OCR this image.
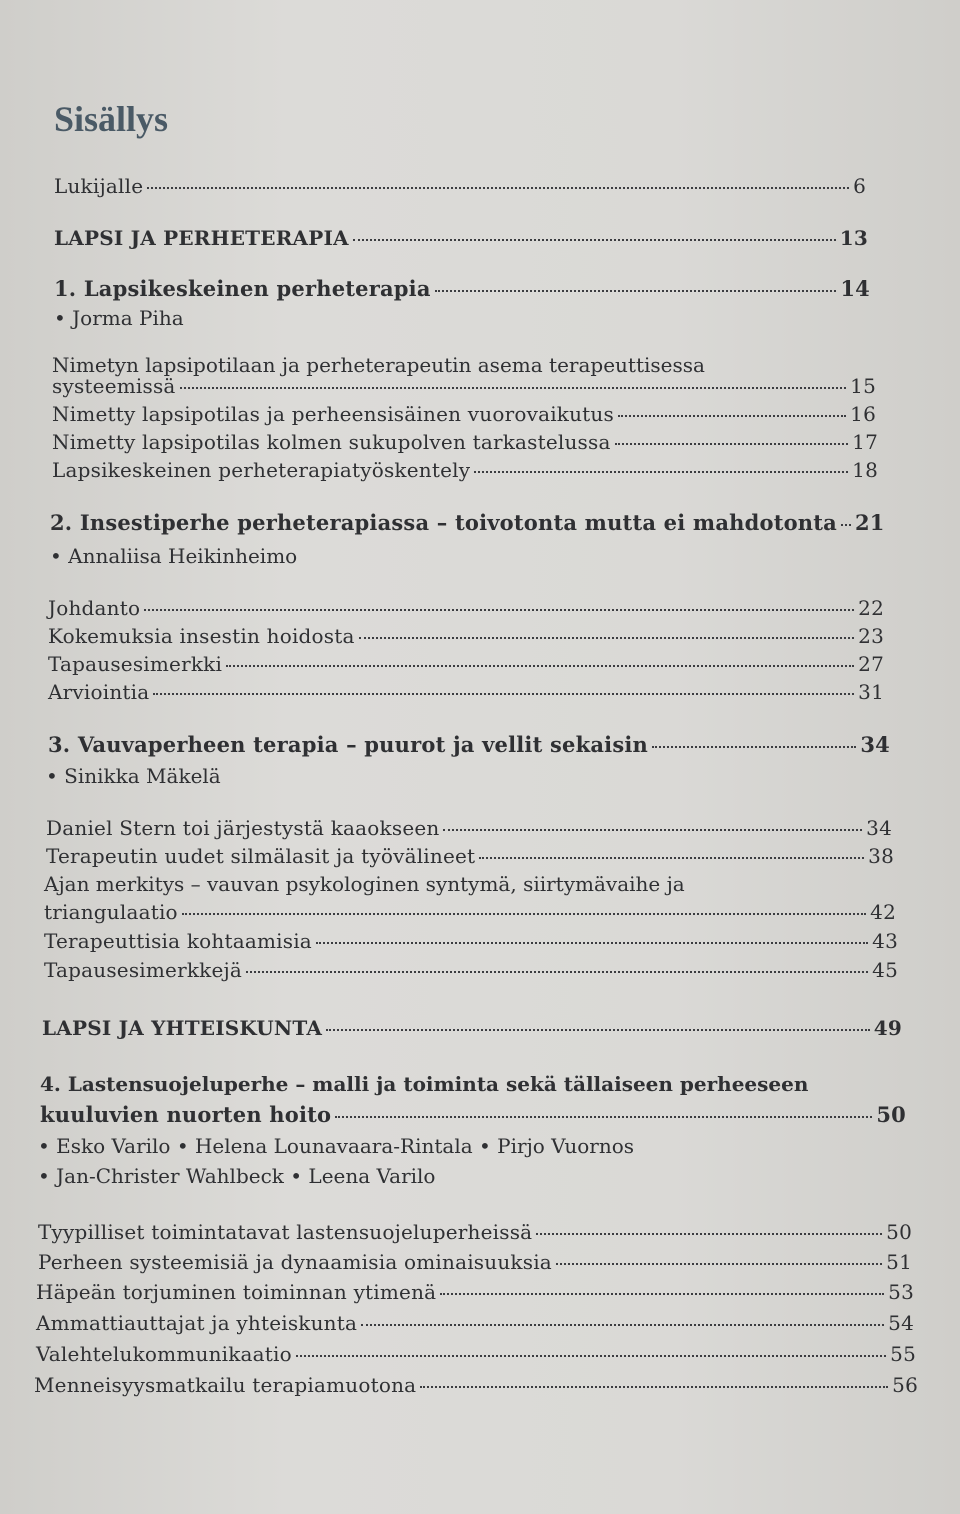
Sisällys
Lukijalle	6
LAPSI JA PERHETERAPIA	13
1. Lapsikeskeinen perheterapia	14
• Jorma Piha
Nimetyn lapsipotilaan ja perheterapeutin asema terapeuttisessa
systeemissä	15
Nimetty lapsipotilas ja perheensisäinen vuorovaikutus	16
Nimetty lapsipotilas kolmen sukupolven tarkastelussa	17
Lapsikeskeinen perheterapiatyöskentely	18
2. Insestiperhe perheterapiassa – toivotonta mutta ei mahdotonta 21
• Annaliisa Heikinheimo
Johdanto	22
Kokemuksia insestin hoidosta	23
Tapausesimerkki	27
Arviointia	31
3. Vauvaperheen terapia – puurot ja vellit sekaisin	34
• Sinikka Mäkelä
Daniel Stern toi järjestystä kaaokseen	34
Terapeutin uudet silmälasit ja työvälineet	38
Ajan merkitys – vauvan psykologinen syntymä, siirtymävaihe ja
triangulaatio	42
Terapeuttisia kohtaamisia	43
Tapausesimerkkejä	45
LAPSI JA YHTEISKUNTA	49
4. Lastensuojeluperhe – malli ja toiminta sekä tällaiseen perheeseen
kuuluvien nuorten hoito	50
• Esko Varilo • Helena Lounavaara-Rintala • Pirjo Vuornos
• Jan-Christer Wahlbeck • Leena Varilo
Tyypilliset toimintatavat lastensuojeluperheissä	50
Perheen systeemisiä ja dynaamisia ominaisuuksia	51
Häpeän torjuminen toiminnan ytimenä	53
Ammattiauttajat ja yhteiskunta	54
Valehtelukommunikaatio	55
Menneisyysmatkailu terapiamuotona	56
